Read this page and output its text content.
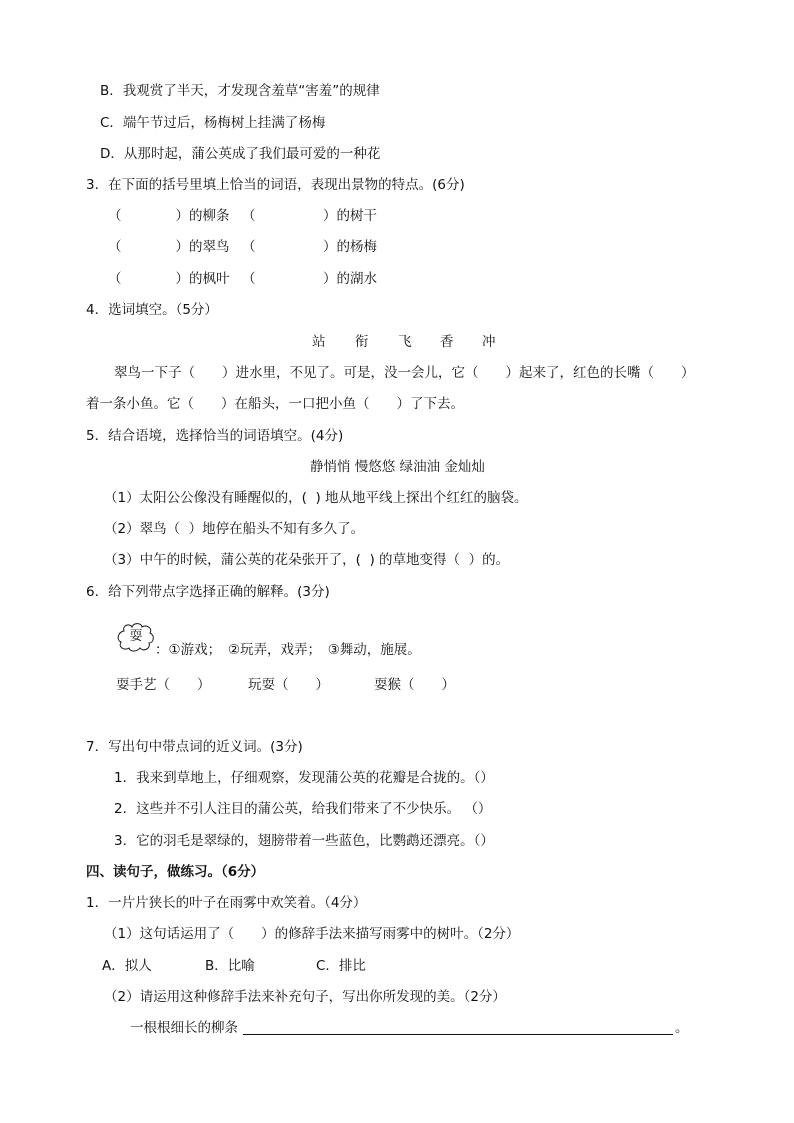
B．我观赏了半天，才发现含羞草“害羞”的规律
C．端午节过后，杨梅树上挂满了杨梅
D．从那时起，蒲公英成了我们最可爱的一种花
3．在下面的括号里填上恰当的词语，表现出景物的特点。(6分)
（　　　　）的柳条 （　　　　　）的树干
（　　　　）的翠鸟 （　　　　　）的杨梅
（　　　　）的枫叶 （　　　　　）的湖水
4．选词填空。（5分）
站 衔 飞 香 冲
翠鸟一下子（　　）进水里，不见了。可是，没一会儿，它（　　）起来了，红色的长嘴（　　）
着一条小鱼。它（　　）在船头，一口把小鱼（　　）了下去。
5．结合语境，选择恰当的词语填空。(4分)
静悄悄 慢悠悠 绿油油 金灿灿
（1）太阳公公像没有睡醒似的，(  ) 地从地平线上探出个红红的脑袋。
（2）翠鸟（  ）地停在船头不知有多久了。
（3）中午的时候，蒲公英的花朵张开了，(  ) 的草地变得（  ）的。
6．给下列带点字选择正确的解释。(3分)
耍
：①游戏；　②玩弄，戏弄；　③舞动，施展。
耍手艺（　　）	玩耍（　　）	耍猴（　　）
7．写出句中带点词的近义词。(3分)
1．我来到草地上，仔细观察，发现蒲公英的花瓣是合拢的。（）
2．这些并不引人注目的蒲公英，给我们带来了不少快乐。 （）
3．它的羽毛是翠绿的，翅膀带着一些蓝色，比鹦鹉还漂亮。（）
四、读句子，做练习。（6分）
1．一片片狭长的叶子在雨雾中欢笑着。（4分）
（1）这句话运用了（　　）的修辞手法来描写雨雾中的树叶。（2分）
A．拟人	B．比喻	C．排比
（2）请运用这种修辞手法来补充句子，写出你所发现的美。（2分）
一根根细长的柳条	。
